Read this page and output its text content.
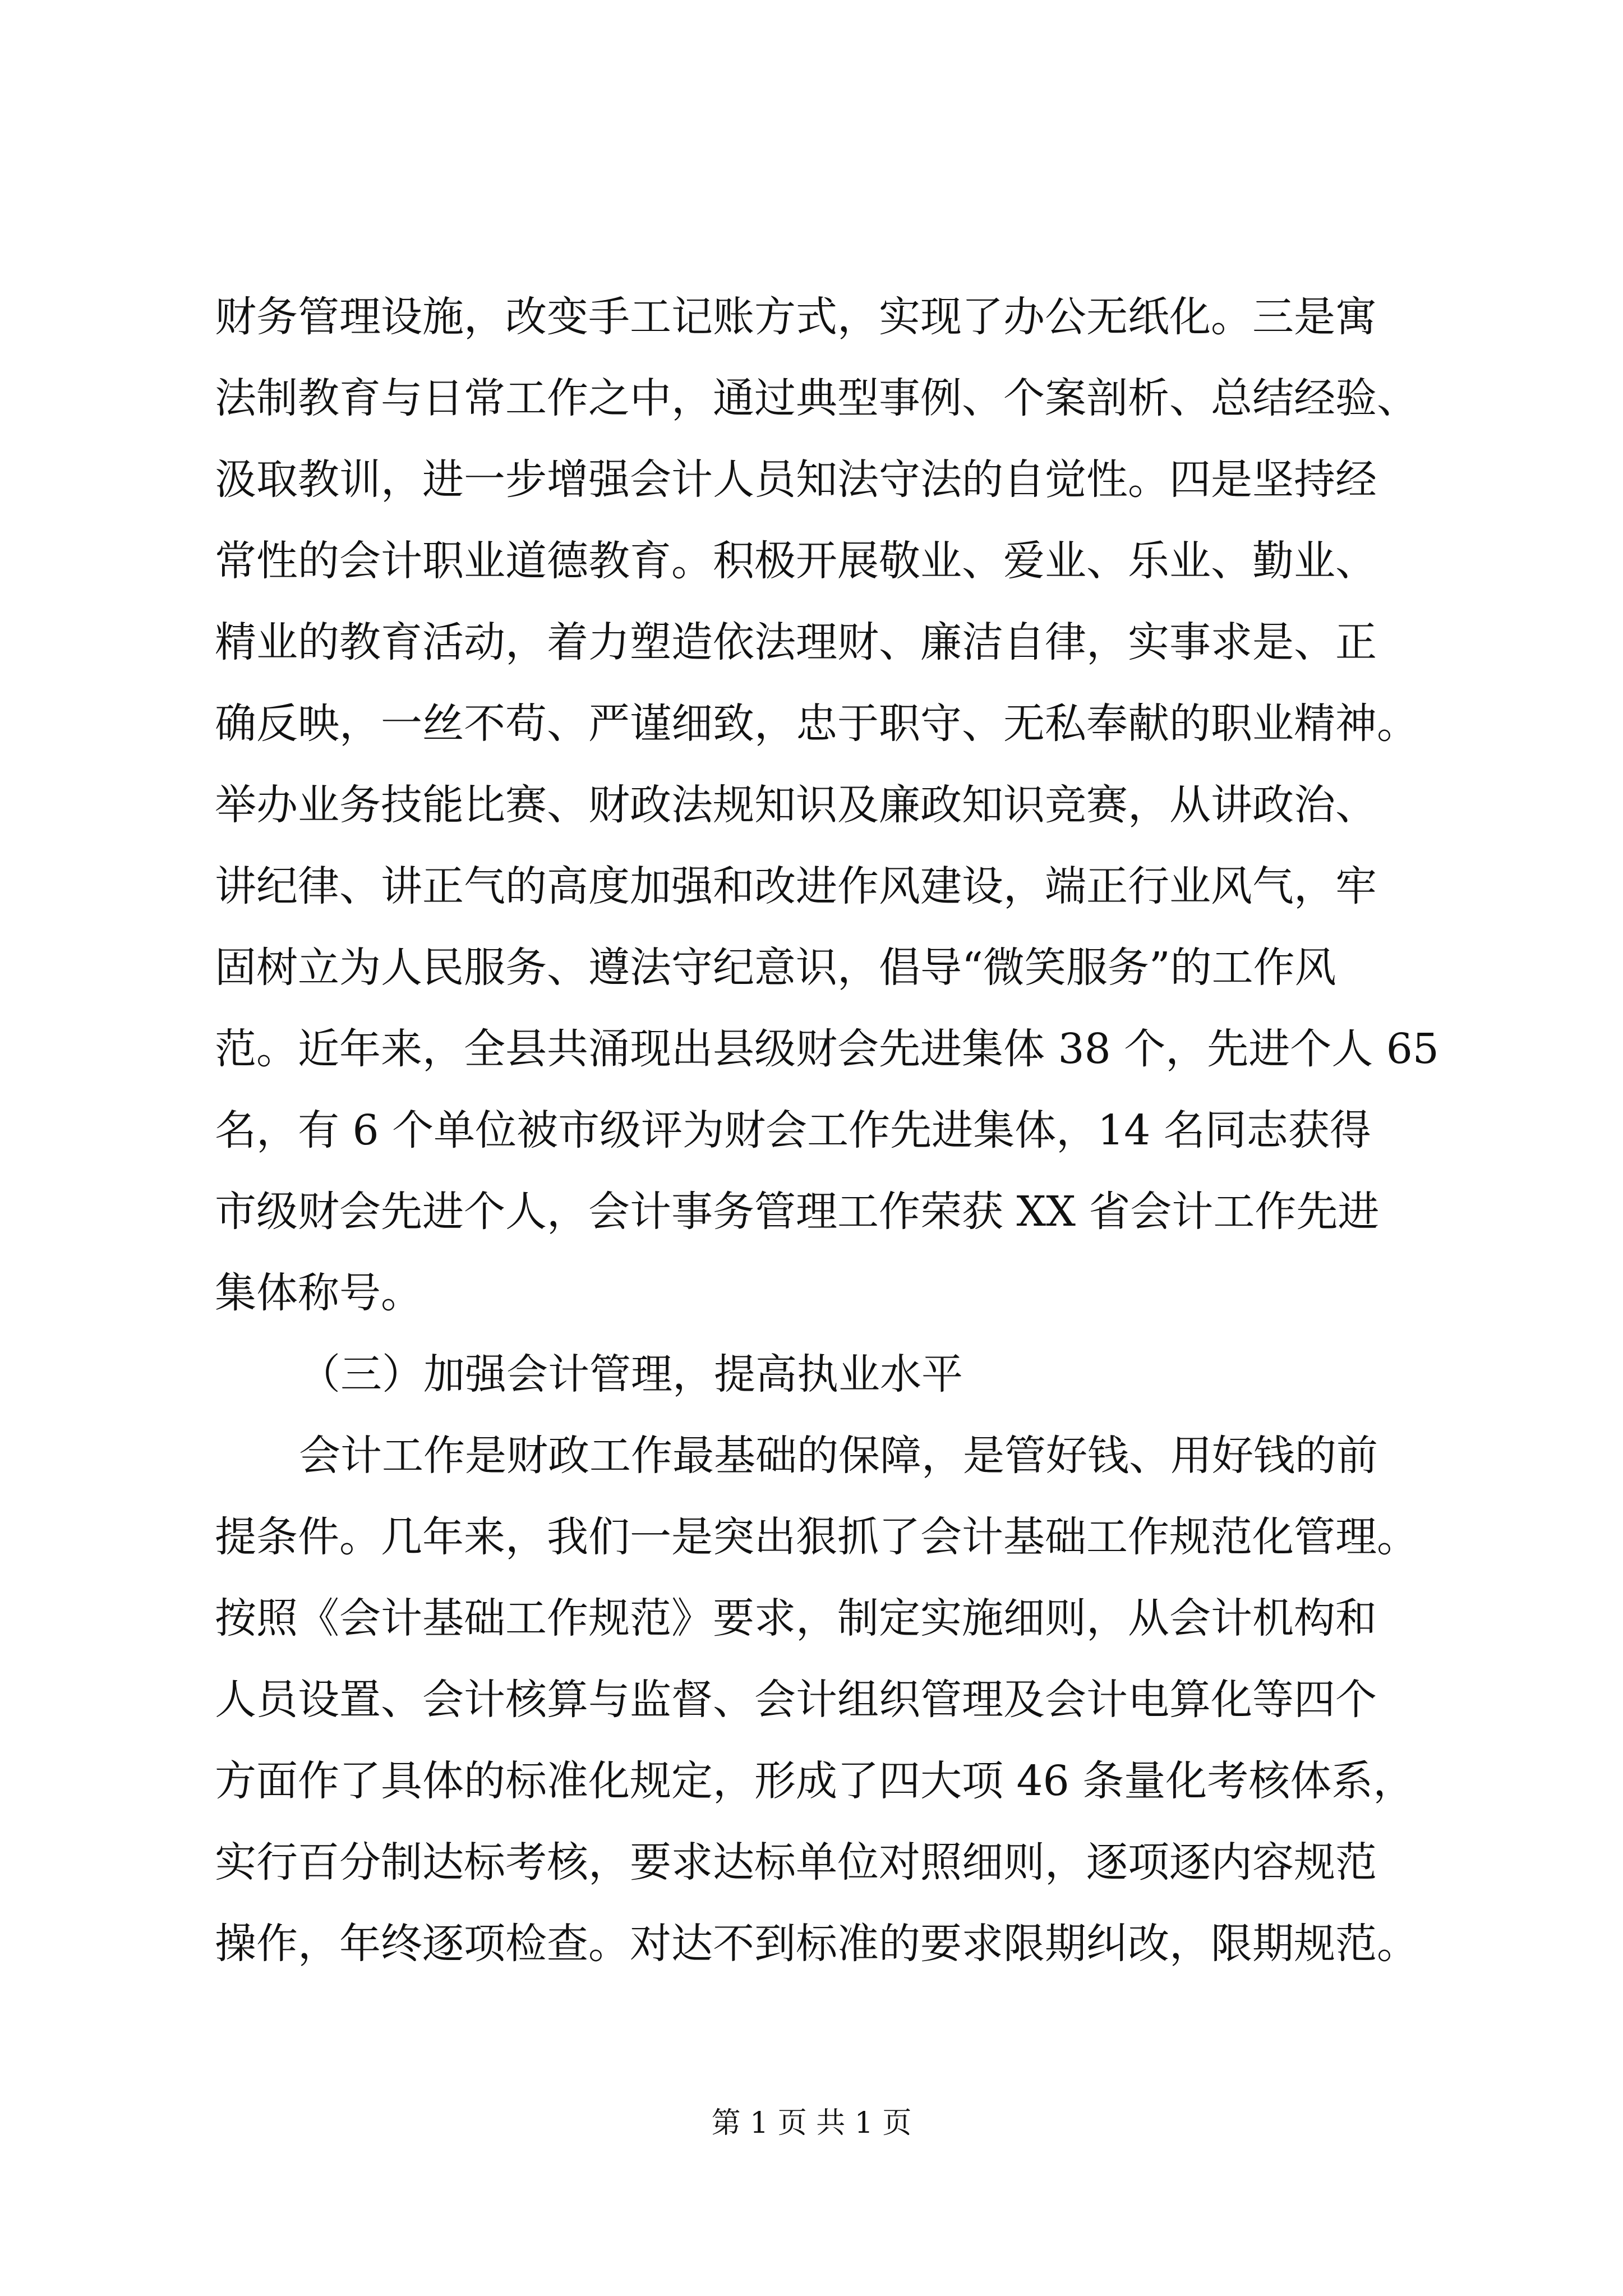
财务管理设施，改变手工记账方式，实现了办公无纸化。三是寓
法制教育与日常工作之中，通过典型事例、个案剖析、总结经验、
汲取教训，进一步增强会计人员知法守法的自觉性。四是坚持经
常性的会计职业道德教育。积极开展敬业、爱业、乐业、勤业、
精业的教育活动，着力塑造依法理财、廉洁自律，实事求是、正
确反映，一丝不苟、严谨细致，忠于职守、无私奉献的职业精神。
举办业务技能比赛、财政法规知识及廉政知识竞赛，从讲政治、
讲纪律、讲正气的高度加强和改进作风建设，端正行业风气，牢
固树立为人民服务、遵法守纪意识，倡导“微笑服务”的工作风
范。近年来，全县共涌现出县级财会先进集体 38 个，先进个人 65
名，有 6 个单位被市级评为财会工作先进集体，14 名同志获得
市级财会先进个人，会计事务管理工作荣获 XX 省会计工作先进
集体称号。
（三）加强会计管理，提高执业水平
会计工作是财政工作最基础的保障，是管好钱、用好钱的前
提条件。几年来，我们一是突出狠抓了会计基础工作规范化管理。
按照《会计基础工作规范》要求，制定实施细则，从会计机构和
人员设置、会计核算与监督、会计组织管理及会计电算化等四个
方面作了具体的标准化规定，形成了四大项 46 条量化考核体系，
实行百分制达标考核，要求达标单位对照细则，逐项逐内容规范
操作，年终逐项检查。对达不到标准的要求限期纠改，限期规范。
第 1 页 共 1 页
